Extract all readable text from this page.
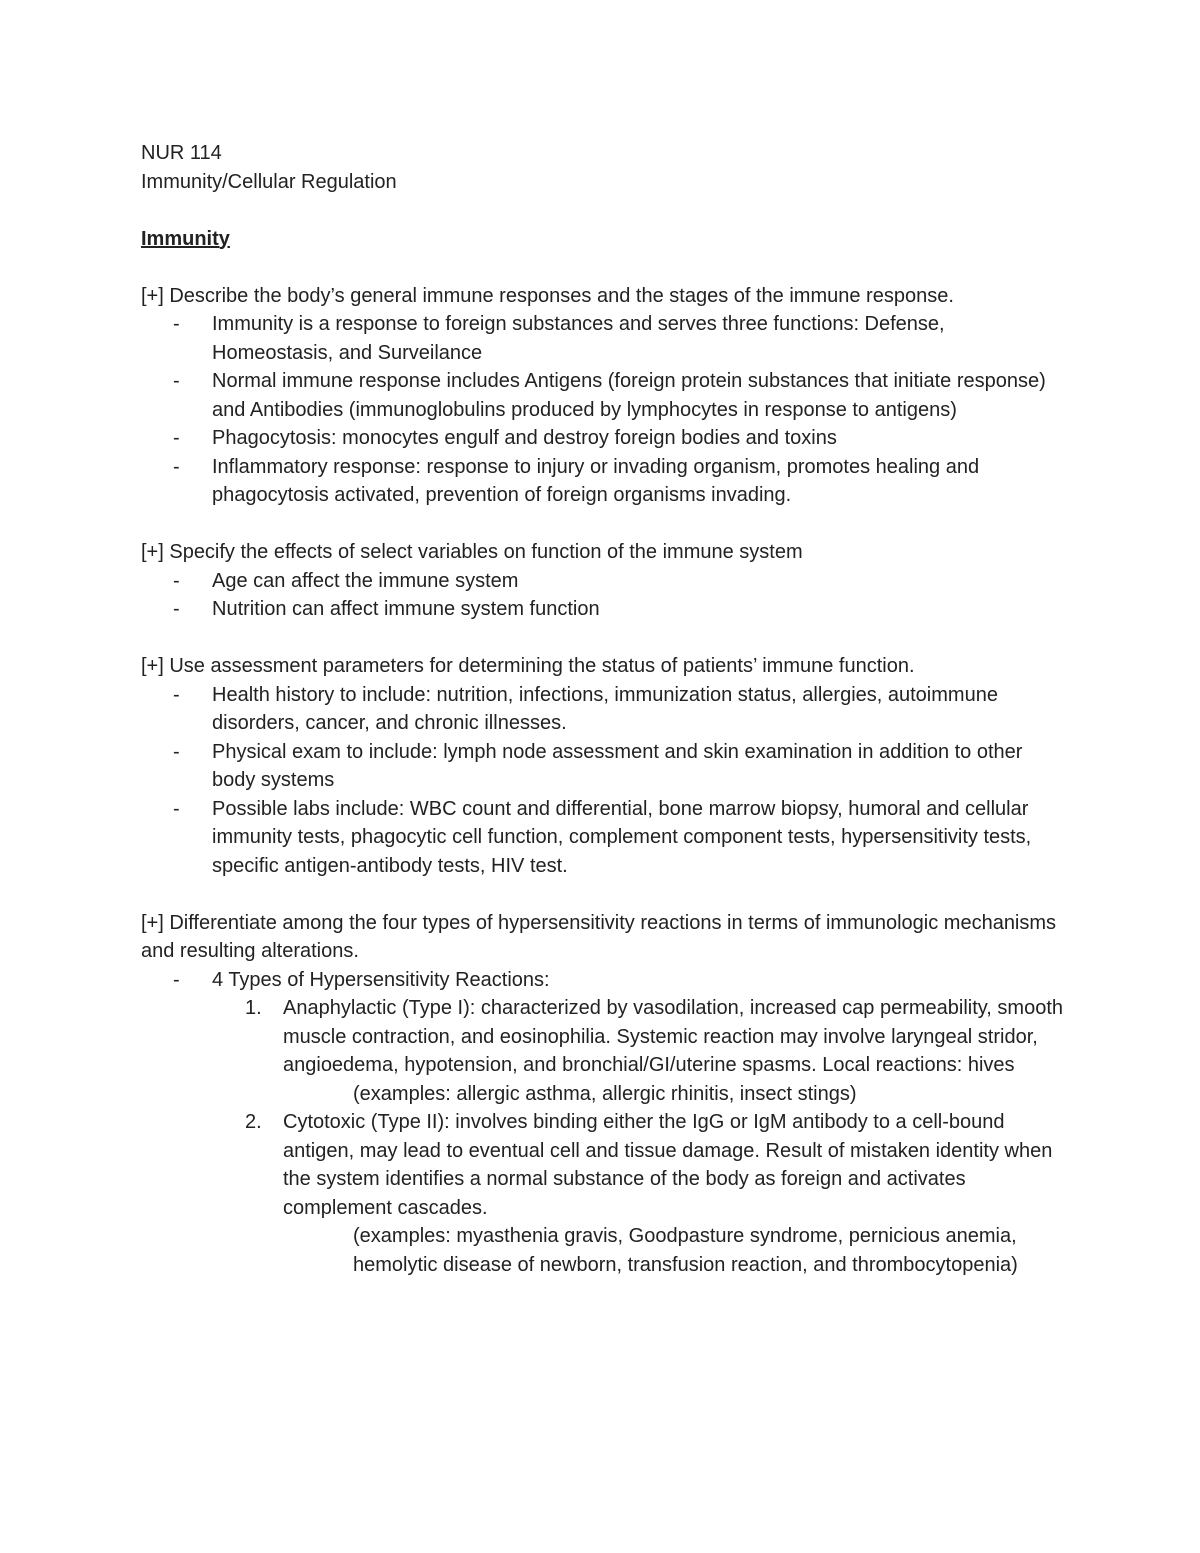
NUR 114

Immunity/Cellular Regulation

Immunity

[+] Describe the body’s general immune responses and the stages of the immune response.

- Immunity is a response to foreign substances and serves three functions: Defense, Homeostasis, and Surveilance
- Normal immune response includes Antigens (foreign protein substances that initiate response) and Antibodies (immunoglobulins produced by lymphocytes in response to antigens)
- Phagocytosis: monocytes engulf and destroy foreign bodies and toxins
- Inflammatory response: response to injury or invading organism, promotes healing and phagocytosis activated, prevention of foreign organisms invading.

[+] Specify the effects of select variables on function of the immune system

- Age can affect the immune system
- Nutrition can affect immune system function

[+] Use assessment parameters for determining the status of patients’ immune function.

- Health history to include: nutrition, infections, immunization status, allergies, autoimmune disorders, cancer, and chronic illnesses.
- Physical exam to include: lymph node assessment and skin examination in addition to other body systems
- Possible labs include: WBC count and differential, bone marrow biopsy, humoral and cellular immunity tests, phagocytic cell function, complement component tests, hypersensitivity tests, specific antigen-antibody tests, HIV test.

[+] Differentiate among the four types of hypersensitivity reactions in terms of immunologic mechanisms and resulting alterations.

- 4 Types of Hypersensitivity Reactions:
1. Anaphylactic (Type I): characterized by vasodilation, increased cap permeability, smooth muscle contraction, and eosinophilia. Systemic reaction may involve laryngeal stridor, angioedema, hypotension, and bronchial/GI/uterine spasms. Local reactions: hives
(examples: allergic asthma, allergic rhinitis, insect stings)
2. Cytotoxic (Type II): involves binding either the IgG or IgM antibody to a cell-bound antigen, may lead to eventual cell and tissue damage. Result of mistaken identity when the system identifies a normal substance of the body as foreign and activates complement cascades.
(examples: myasthenia gravis, Goodpasture syndrome, pernicious anemia, hemolytic disease of newborn, transfusion reaction, and thrombocytopenia)
